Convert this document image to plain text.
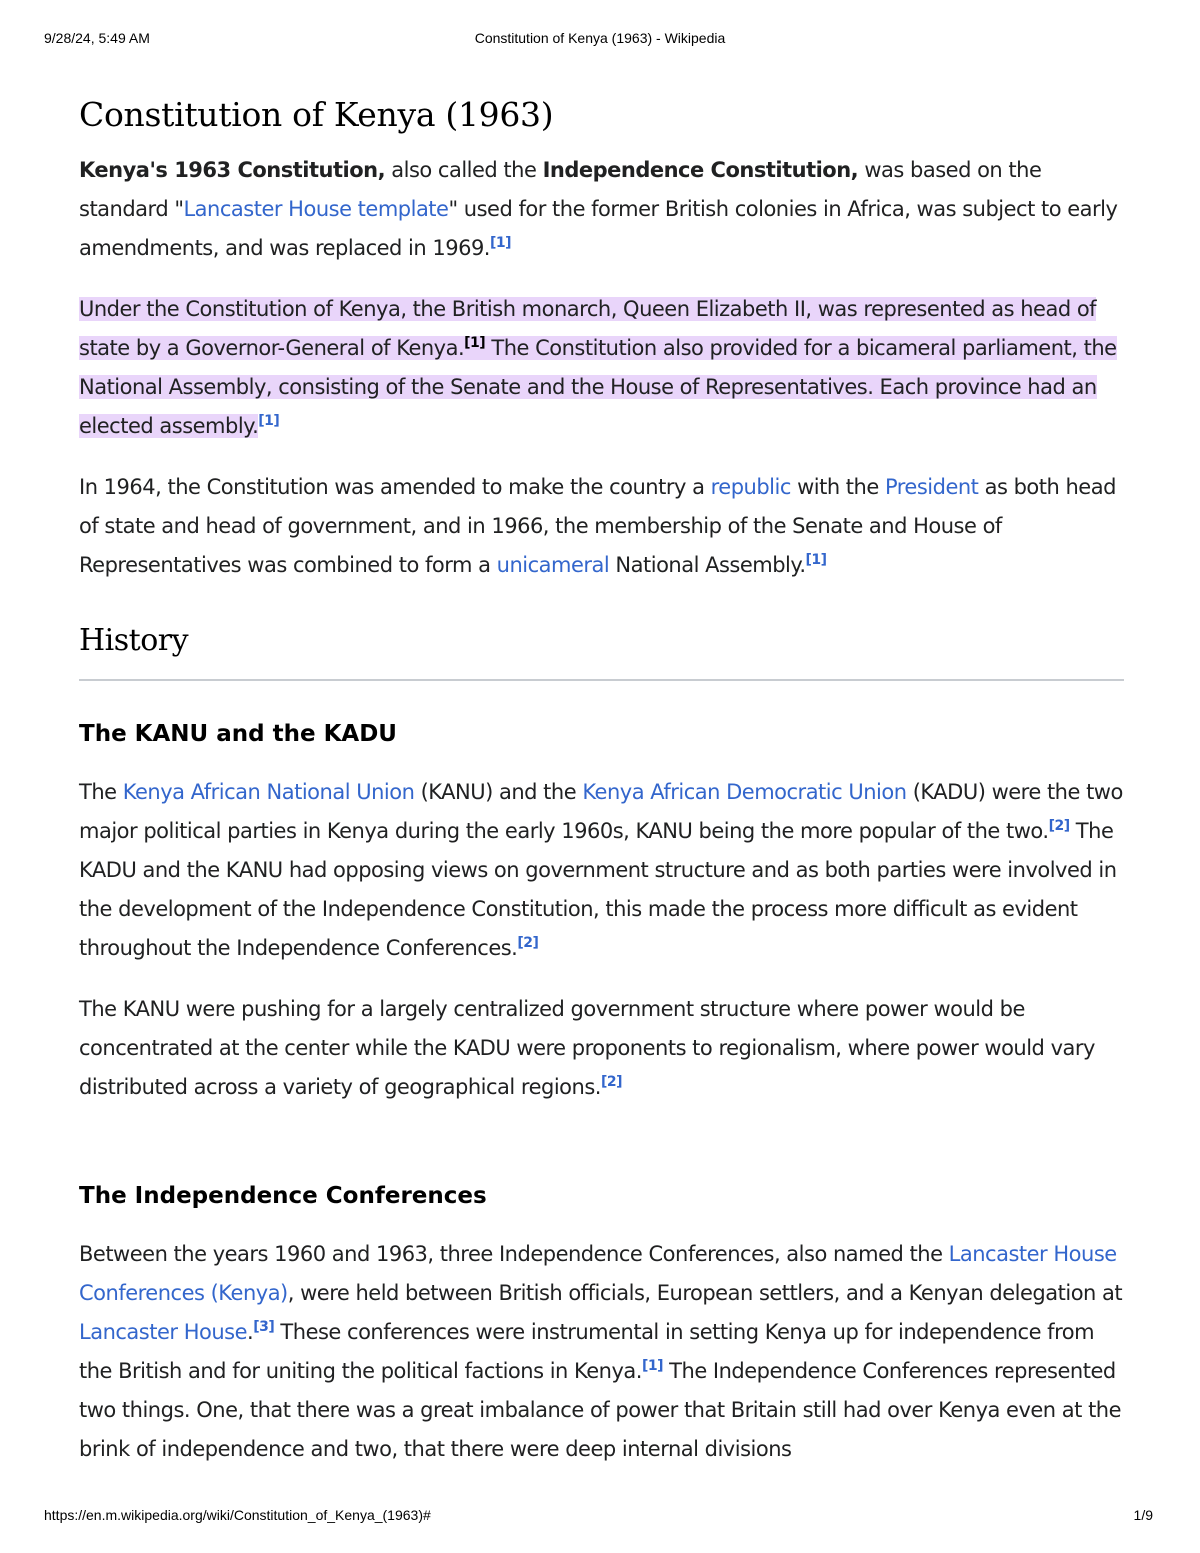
9/28/24, 5:49 AM	Constitution of Kenya (1963) - Wikipedia
Constitution of Kenya (1963)

Kenya's 1963 Constitution, also called the Independence Constitution, was based on the standard "Lancaster House template" used for the former British colonies in Africa, was subject to early amendments, and was replaced in 1969.[1]

Under the Constitution of Kenya, the British monarch, Queen Elizabeth II, was represented as head of state by a Governor-General of Kenya.[1] The Constitution also provided for a bicameral parliament, the National Assembly, consisting of the Senate and the House of Representatives. Each province had an elected assembly.[1]

In 1964, the Constitution was amended to make the country a republic with the President as both head of state and head of government, and in 1966, the membership of the Senate and House of Representatives was combined to form a unicameral National Assembly.[1]

History
The KANU and the KADU

The Kenya African National Union (KANU) and the Kenya African Democratic Union (KADU) were the two major political parties in Kenya during the early 1960s, KANU being the more popular of the two.[2] The KADU and the KANU had opposing views on government structure and as both parties were involved in the development of the Independence Constitution, this made the process more difficult as evident throughout the Independence Conferences.[2]

The KANU were pushing for a largely centralized government structure where power would be concentrated at the center while the KADU were proponents to regionalism, where power would vary distributed across a variety of geographical regions.[2]

The Independence Conferences

Between the years 1960 and 1963, three Independence Conferences, also named the Lancaster House Conferences (Kenya), were held between British officials, European settlers, and a Kenyan delegation at Lancaster House.[3] These conferences were instrumental in setting Kenya up for independence from the British and for uniting the political factions in Kenya.[1] The Independence Conferences represented two things. One, that there was a great imbalance of power that Britain still had over Kenya even at the brink of independence and two, that there were deep internal divisions

https://en.m.wikipedia.org/wiki/Constitution_of_Kenya_(1963)#	1/9
